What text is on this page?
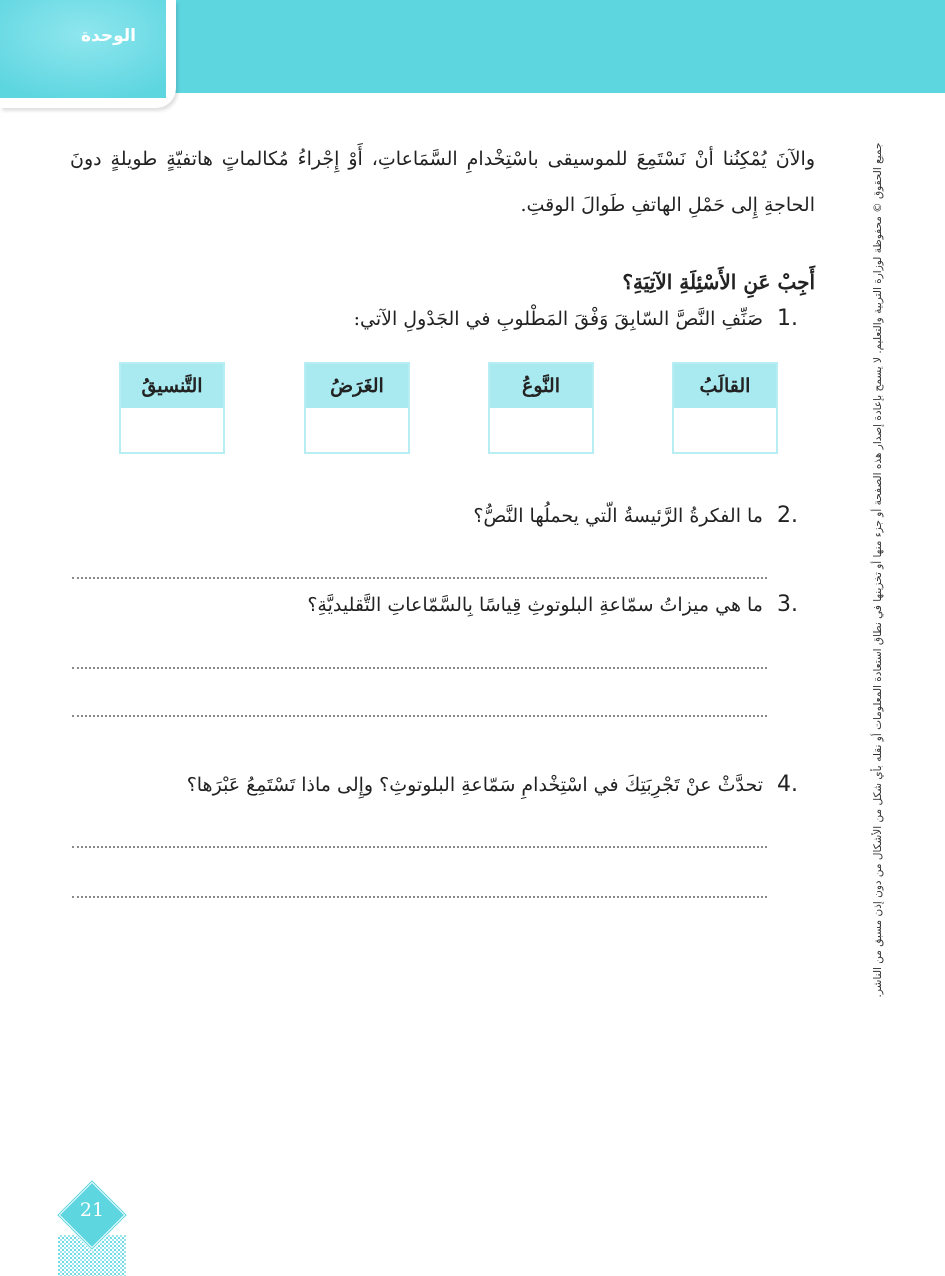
الوحدة
والآنَ يُمْكِنُنا أنْ نَسْتَمِعَ للموسيقى باسْتِخْدامِ السَّمَاعاتِ، أَوْ إِجْراءُ مُكالماتٍ هاتفيّةٍ طويلةٍ دونَ الحاجةِ إِلى حَمْلِ الهاتفِ طَوالَ الوقتِ.
أَجِبْ عَنِ الأَسْئِلَةِ الآتِيَةِ؟
1.
صَنِّفِ النَّصَّ السّابِقَ وَفْقَ المَطْلوبِ في الجَدْولِ الآتي:
القالَبُ
النَّوعُ
الغَرَضُ
التَّنسيقُ
2.
ما الفكرةُ الرَّئيسةُ الّتي يحملُها النَّصُّ؟
3.
ما هي ميزاتُ سمّاعةِ البلوتوثِ قِياسًا بِالسَّمّاعاتِ التَّقليديَّةِ؟
4.
تحدَّثْ عنْ تَجْرِبَتِكَ في اسْتِخْدامِ سَمّاعةِ البلوتوثِ؟ وإِلى ماذا تَسْتَمِعُ عَبْرَها؟	جميع الحقوق © محفوظة لوزارة التربية والتعليم. لا يسمح بإعادة إصدار هذه الصفحة أو جزء منها أو تخزينها في نطاق استعادة المعلومات أو نقله بأي شكل من الأشكال من دون إذن مسبق من الناشر.
21
